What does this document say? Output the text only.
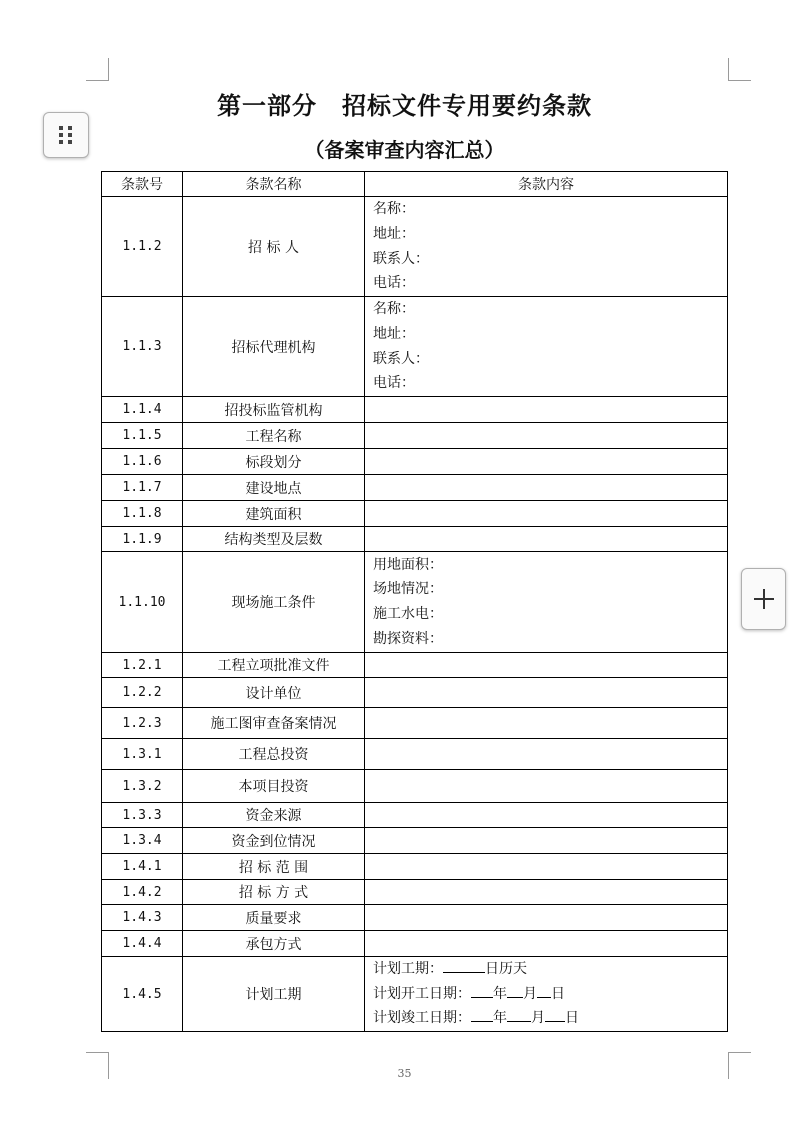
第一部分　招标文件专用要约条款
（备案审查内容汇总）
条款号	条款名称	条款内容
1.1.2	招 标 人	名称：
地址：
联系人：
电话：

1.1.3	招标代理机构	名称：
地址：
联系人：
电话：

1.1.4	招投标监管机构	
1.1.5	工程名称	
1.1.6	标段划分	
1.1.7	建设地点	
1.1.8	建筑面积	
1.1.9	结构类型及层数	
1.1.10	现场施工条件	用地面积：
场地情况：
施工水电：
勘探资料：

1.2.1	工程立项批准文件	
1.2.2	设计单位	
1.2.3	施工图审查备案情况	
1.3.1	工程总投资	
1.3.2	本项目投资	
1.3.3	资金来源	
1.3.4	资金到位情况	
1.4.1	招 标 范 围	
1.4.2	招 标 方 式	
1.4.3	质量要求	
1.4.4	承包方式	
1.4.5	计划工期	计划工期： 日历天
计划开工日期： 年 月 日
计划竣工日期： 年 月 日
35
